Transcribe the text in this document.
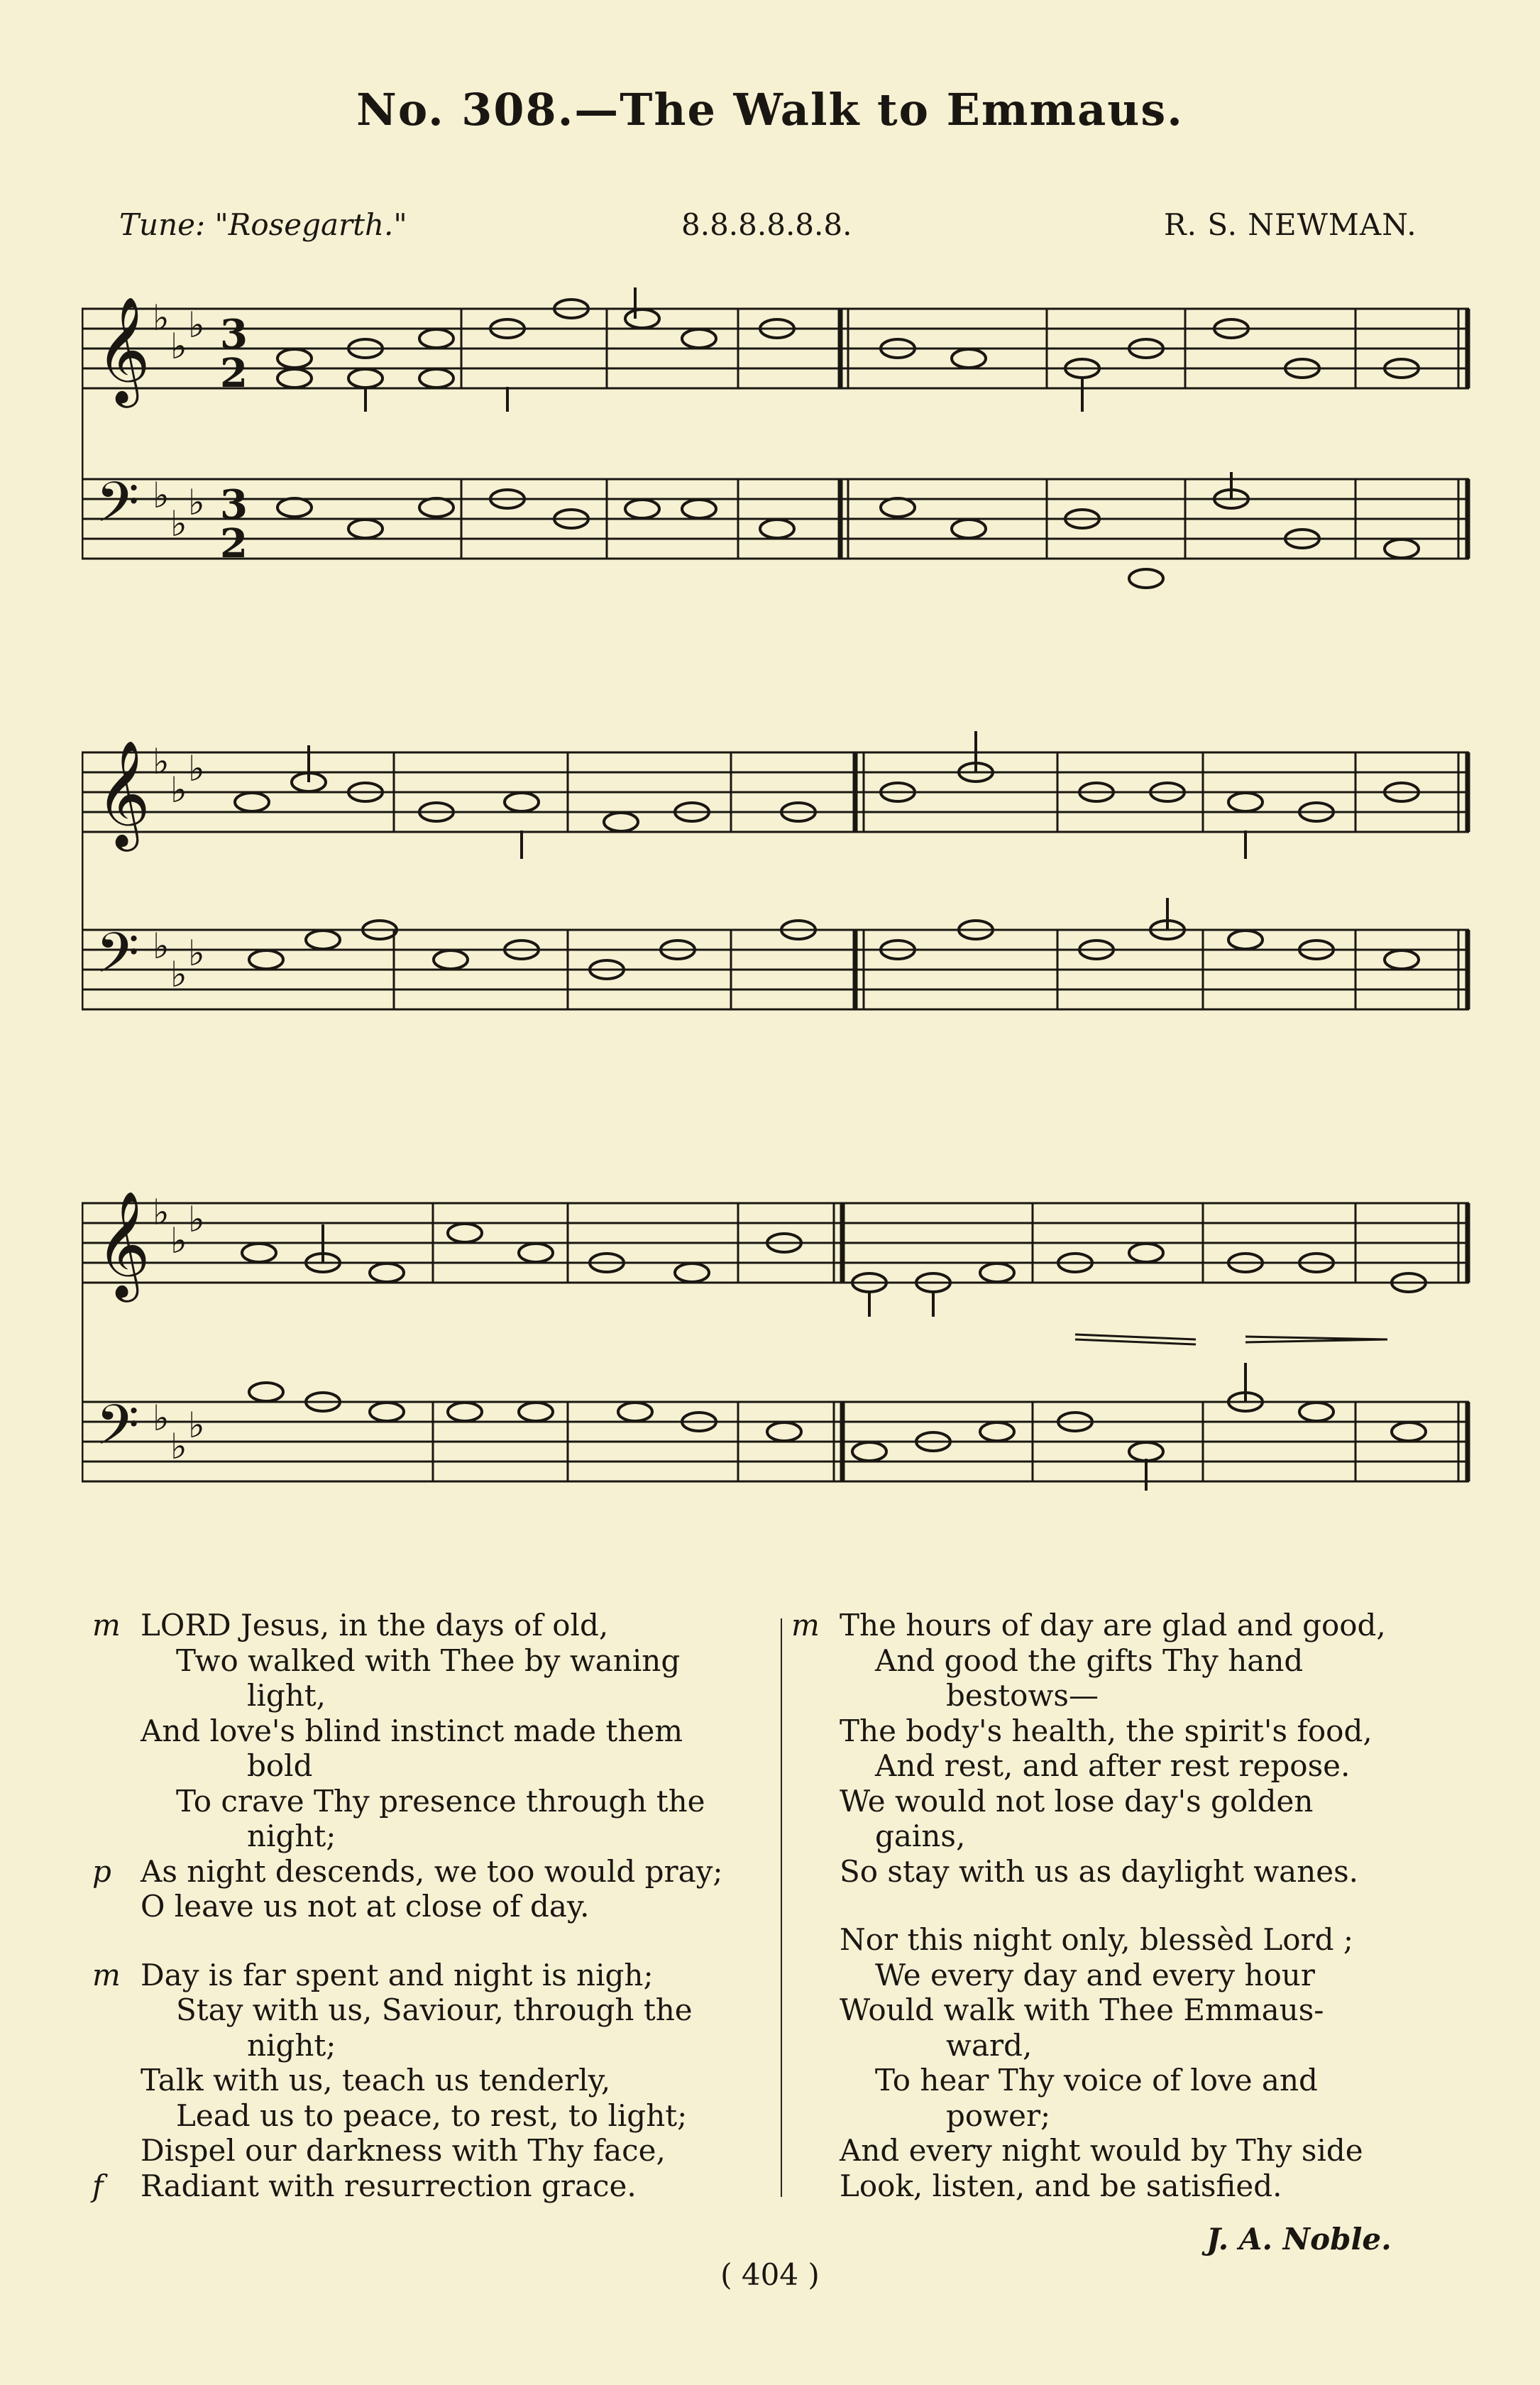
No. 308.—The Walk to Emmaus.
Tune: "Rosegarth."	8.8.8.8.8.8.	R. S. NEWMAN.
𝄞
𝄢
♭
♭
♭
♭
♭
♭
3
2
3
2
𝄞
𝄢
♭
♭
♭
♭
♭
♭
𝄞
𝄢
♭
♭
♭
♭
♭
♭
m LORD Jesus, in the days of old,
Two walked with Thee by waning
light,
And love's blind instinct made them
bold
To crave Thy presence through the
night;
p As night descends, we too would pray;
O leave us not at close of day.
m Day is far spent and night is nigh;
Stay with us, Saviour, through the
night;
Talk with us, teach us tenderly,
Lead us to peace, to rest, to light;
Dispel our darkness with Thy face,
f	Radiant with resurrection grace.
m The hours of day are glad and good,
And good the gifts Thy hand
bestows—
The body's health, the spirit's food,
And rest, and after rest repose.
We would not lose day's golden
gains,
So stay with us as daylight wanes.
Nor this night only, blessèd Lord ;
We every day and every hour
Would walk with Thee Emmaus-
ward,
To hear Thy voice of love and
power;
And every night would by Thy side
Look, listen, and be satisfied.
J. A. Noble.
( 404 )
